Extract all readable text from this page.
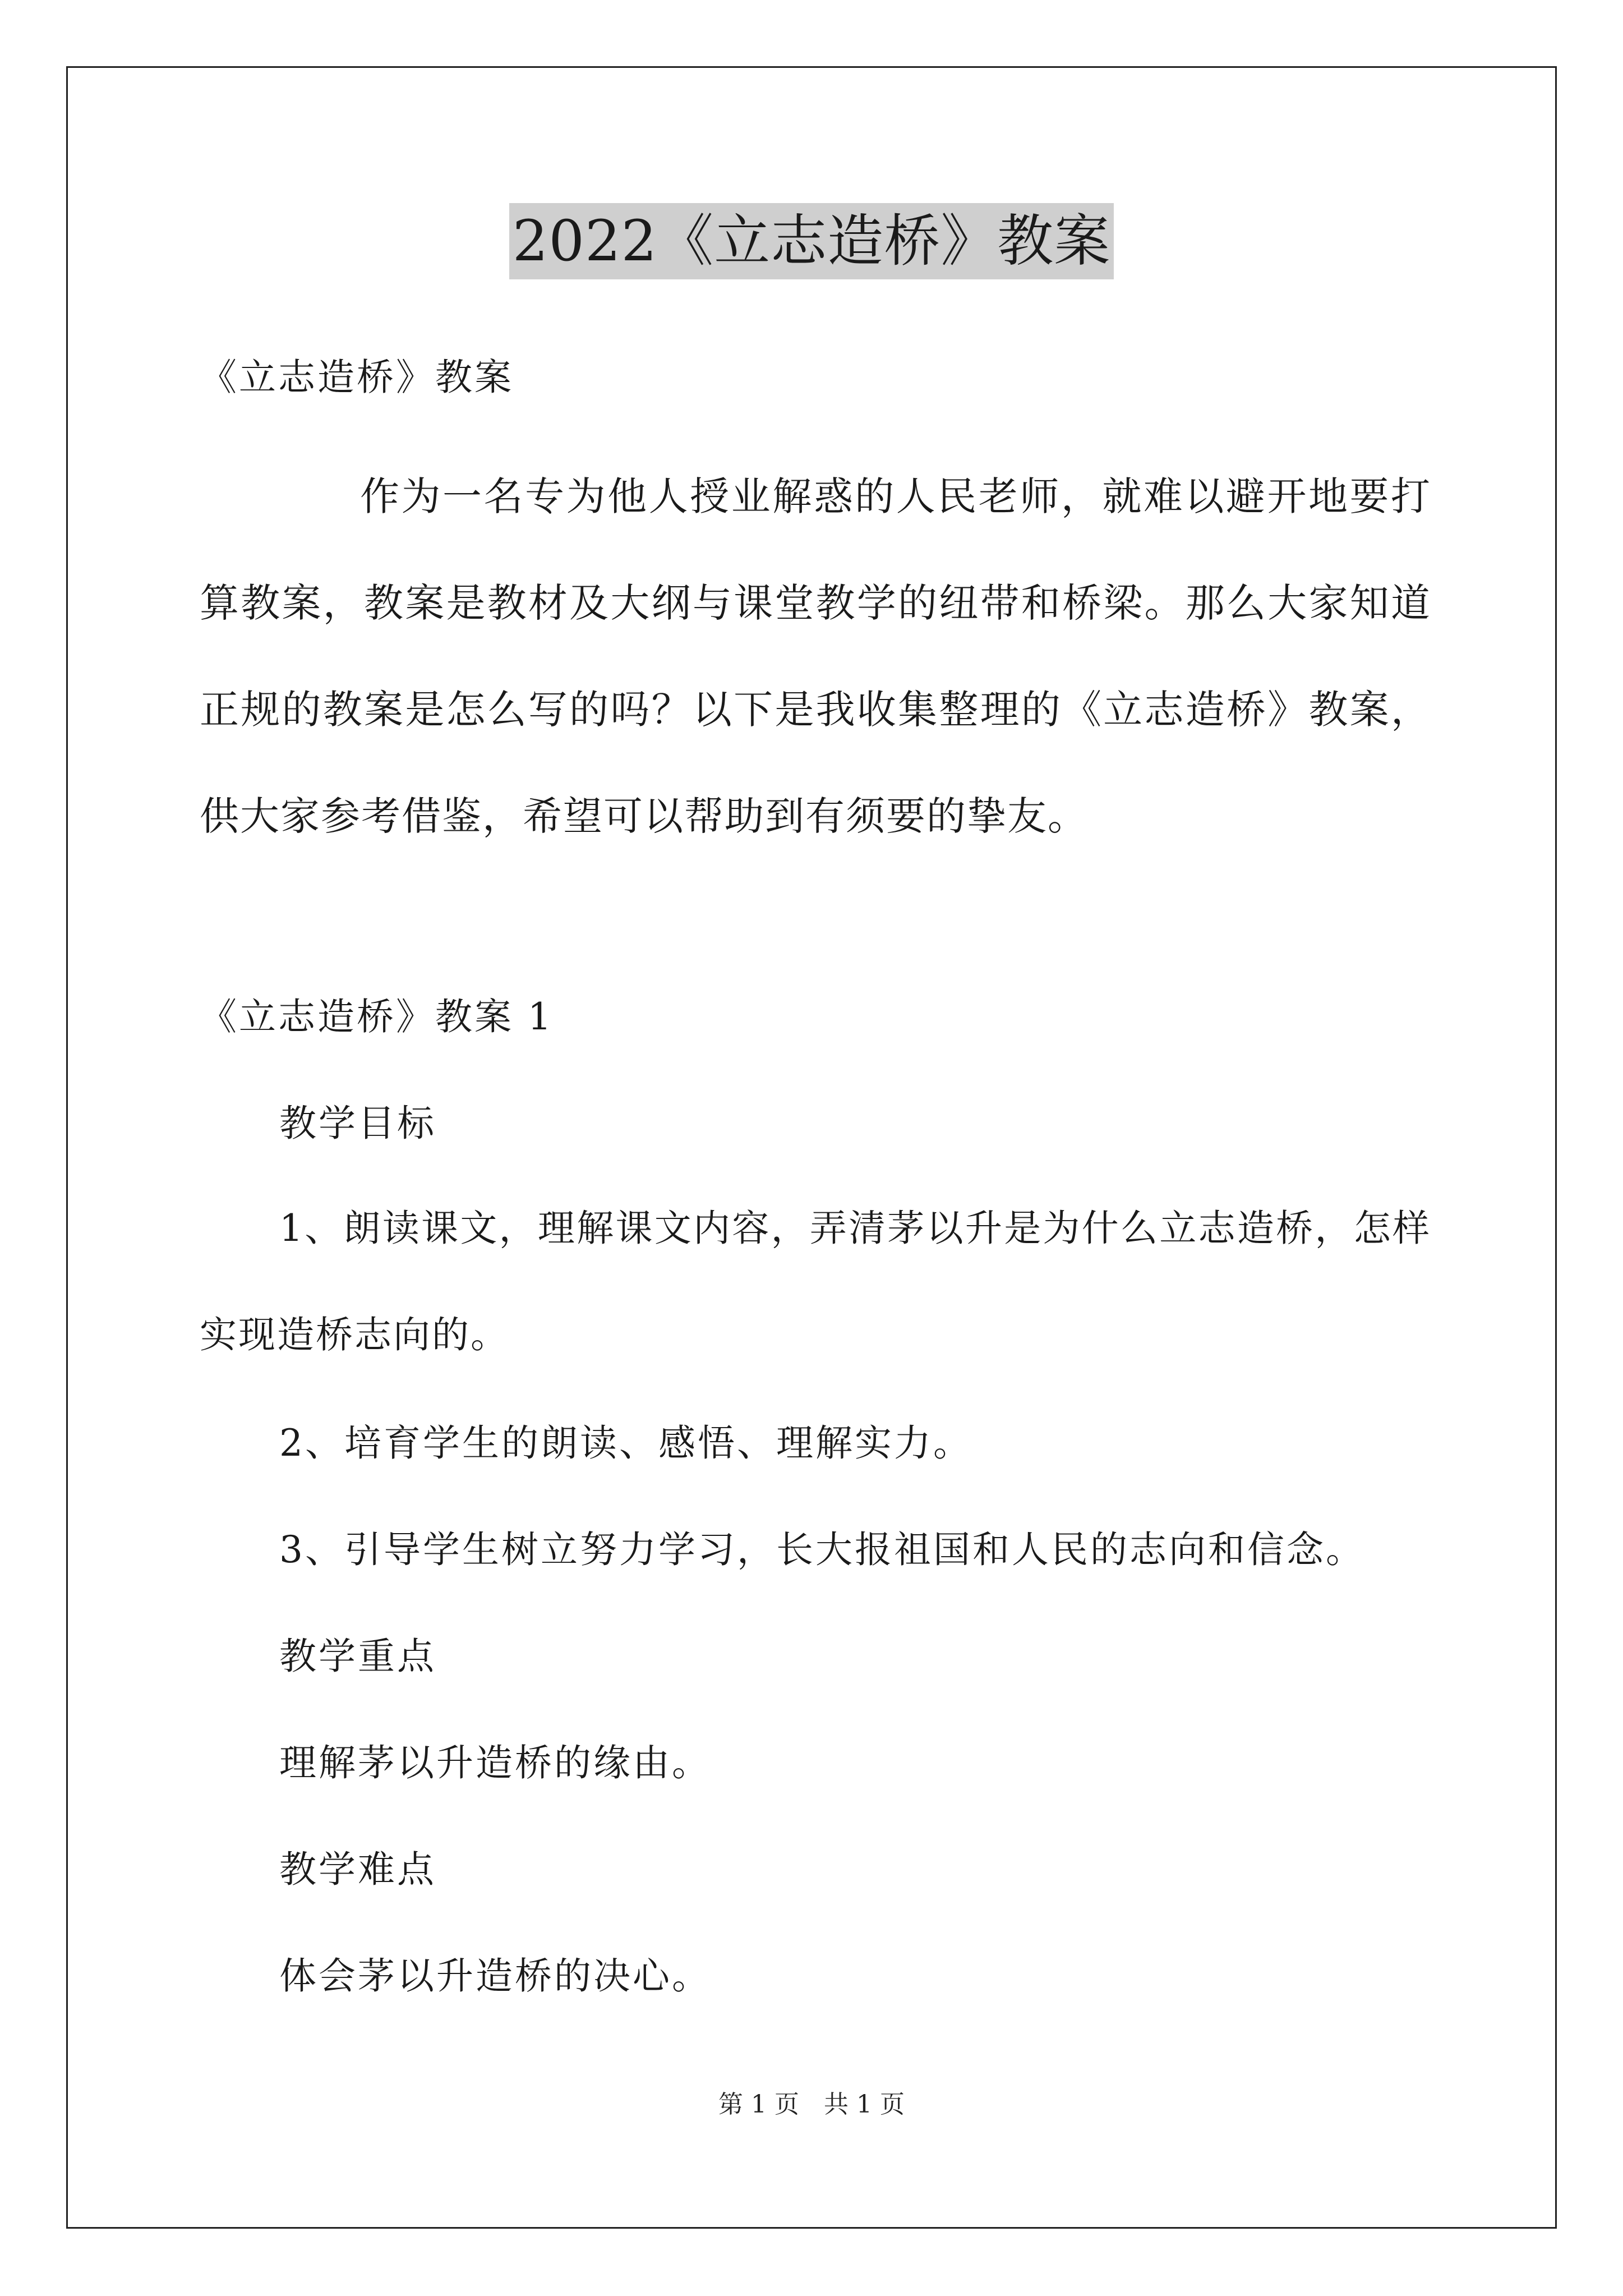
2022《立志造桥》教案
《立志造桥》教案
作为一名专为他人授业解惑的人民老师，就难以避开地要打算教案，教案是教材及大纲与课堂教学的纽带和桥梁。那么大家知道正规的教案是怎么写的吗？以下是我收集整理的《立志造桥》教案，供大家参考借鉴，希望可以帮助到有须要的挚友。
《立志造桥》教案 1
教学目标
1、朗读课文，理解课文内容，弄清茅以升是为什么立志造桥，怎样实现造桥志向的。
2、培育学生的朗读、感悟、理解实力。
3、引导学生树立努力学习，长大报祖国和人民的志向和信念。
教学重点
理解茅以升造桥的缘由。
教学难点
体会茅以升造桥的决心。
第 1 页　共 1 页
